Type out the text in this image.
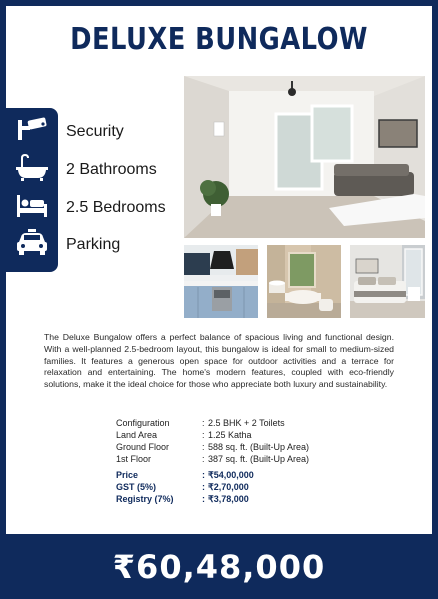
DELUXE BUNGALOW
Security
2 Bathrooms
2.5 Bedrooms
Parking

The Deluxe Bungalow offers a perfect balance of spacious living and functional design. With a well-planned 2.5-bedroom layout, this bungalow is ideal for small to medium-sized families. It features a generous open space for outdoor activities and a terrace for relaxation and entertaining. The home's modern features, coupled with eco-friendly solutions, make it the ideal choice for those who appreciate both luxury and sustainability.

Configuration	: 2.5 BHK + 2 Toilets
Land Area	: 1.25 Katha
Ground Floor	: 588 sq. ft. (Built-Up Area)
1st Floor	: 387 sq. ft. (Built-Up Area)
Price	: ₹54,00,000
GST (5%)	: ₹2,70,000
Registry (7%)	: ₹3,78,000
₹60,48,000
